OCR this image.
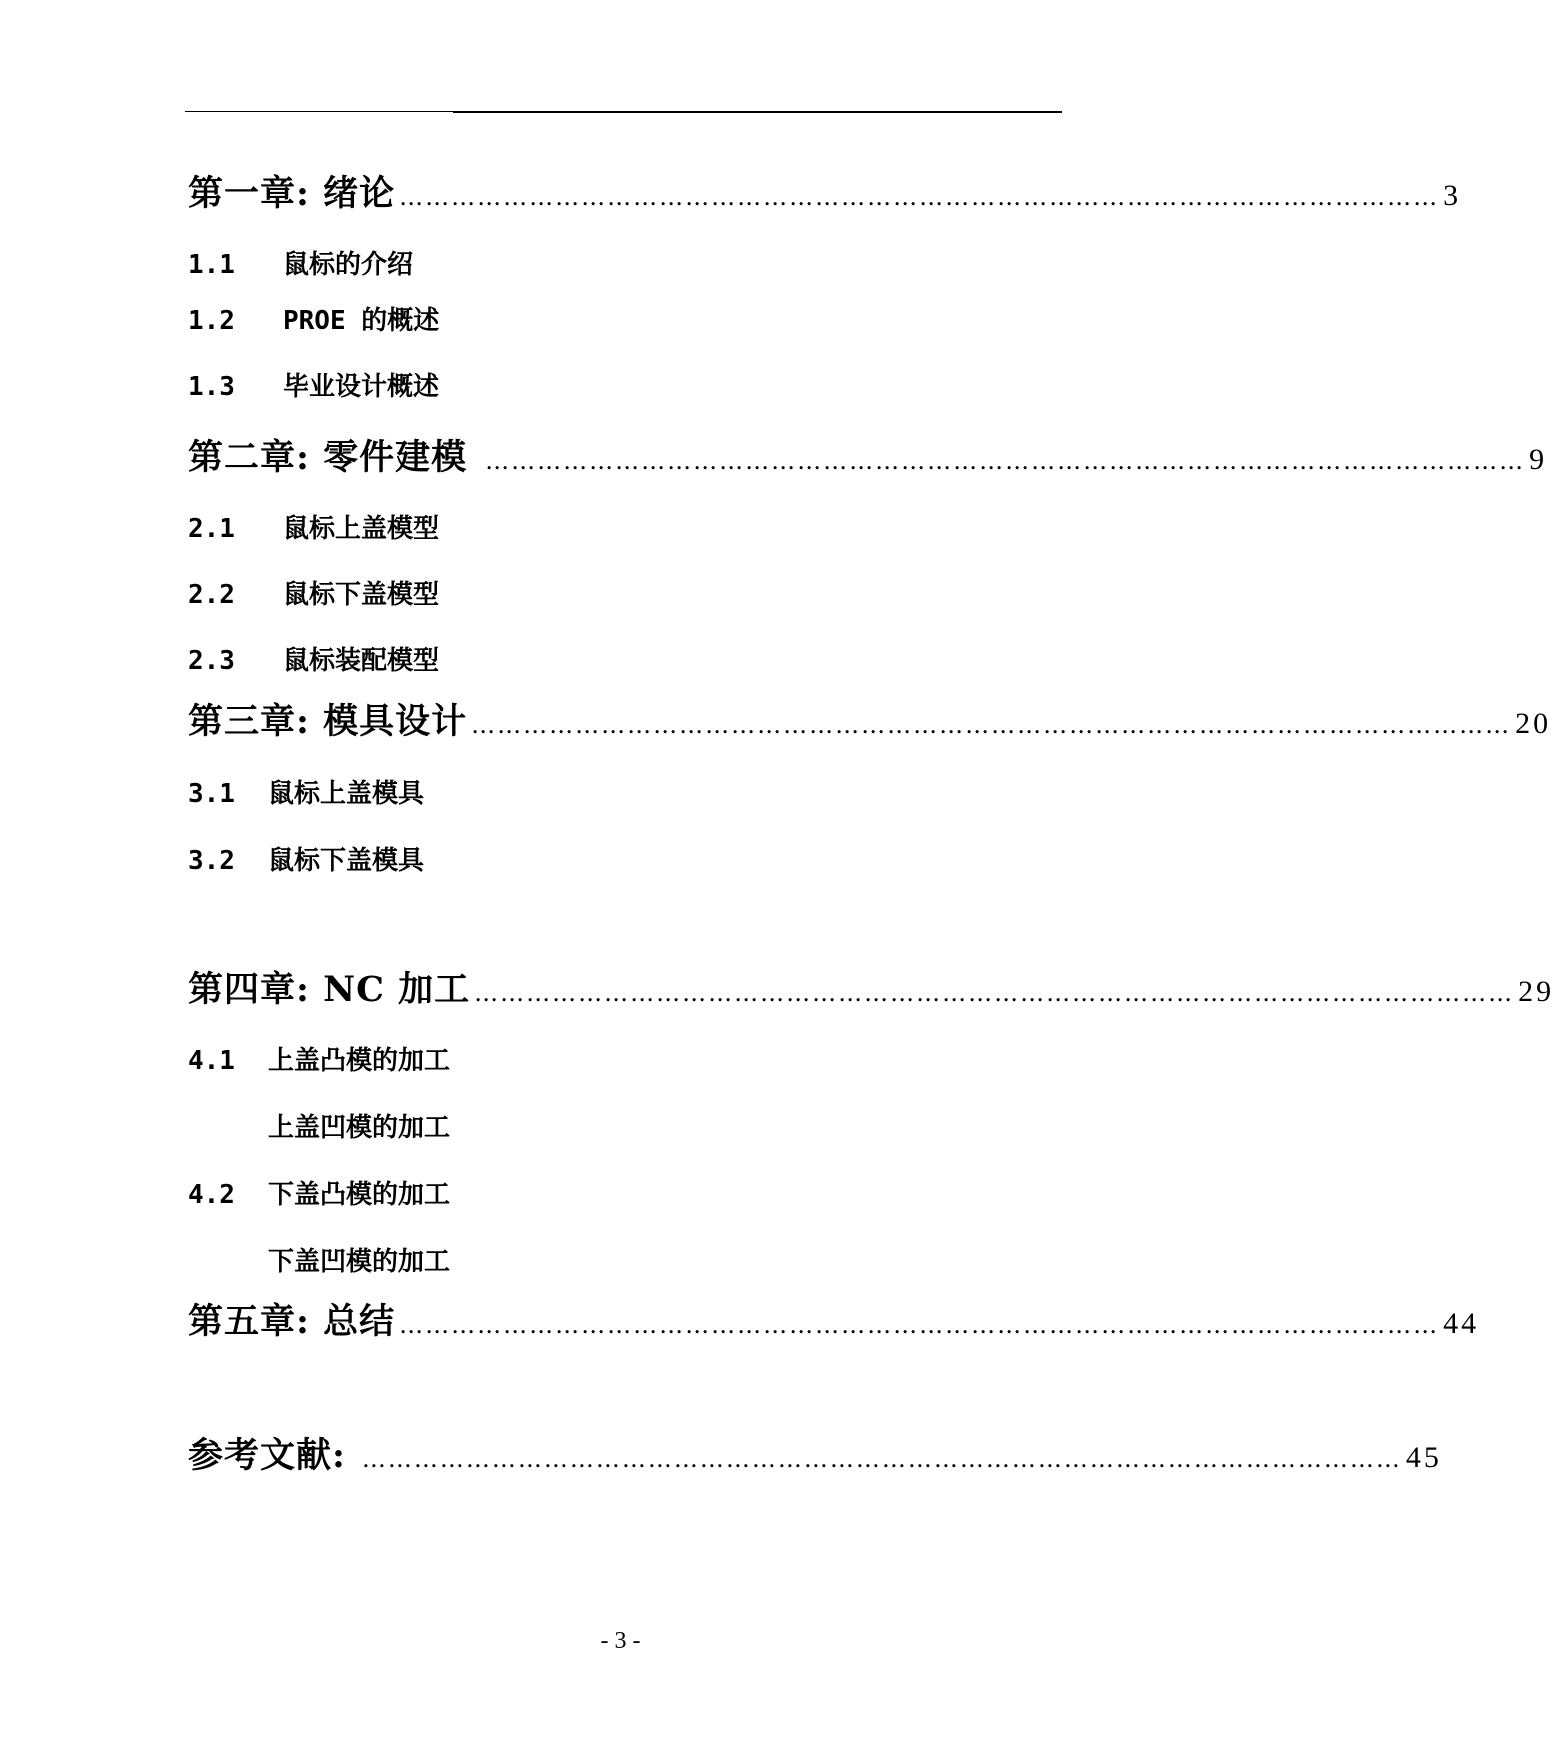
第一章: 绪论 ………………………………………………………………………………………………………… 3
1.1	鼠标的介绍
1.2	PROE 的概述
1.3	毕业设计概述
第二章: 零件建模 ………………………………………………………………………………………………………… 9
2.1	鼠标上盖模型
2.2	鼠标下盖模型
2.3	鼠标装配模型
第三章: 模具设计 ………………………………………………………………………………………………………… 20
3.1	鼠标上盖模具
3.2	鼠标下盖模具
第四章: NC 加工 ………………………………………………………………………………………………………… 29
4.1	上盖凸模的加工
上盖凹模的加工
4.2	下盖凸模的加工
下盖凹模的加工
第五章: 总结 ………………………………………………………………………………………………………… 44
参考文献: ………………………………………………………………………………………………………… 45
- 3 -
